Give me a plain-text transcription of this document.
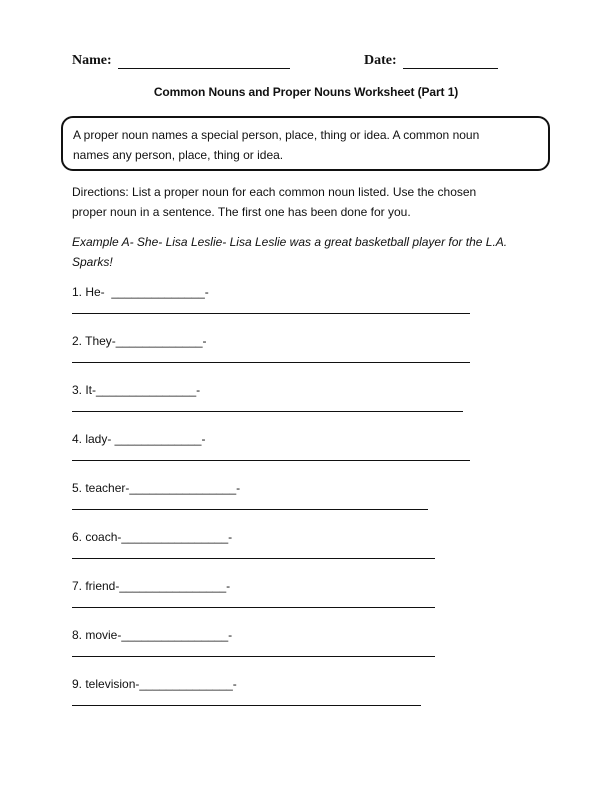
Name:	Date:
Common Nouns and Proper Nouns Worksheet (Part 1)
A proper noun names a special person, place, thing or idea. A common noun
names any person, place, thing or idea.
Directions: List a proper noun for each common noun listed. Use the chosen
proper noun in a sentence. The first one has been done for you.
Example A- She- Lisa Leslie- Lisa Leslie was a great basketball player for the L.A.
Sparks!
1. He-  ______________-
2. They-_____________-
3. It-_______________-
4. lady- _____________-
5. teacher-________________-
6. coach-________________-
7. friend-________________-
8. movie-________________-
9. television-______________-
